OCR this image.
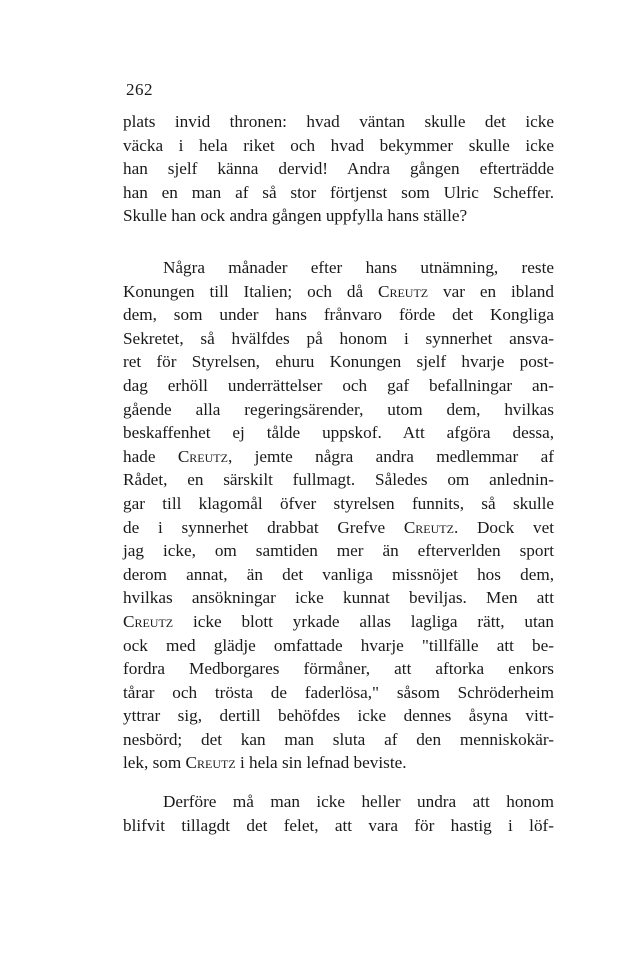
262
plats invid thronen: hvad väntan skulle det icke
väcka i hela riket och hvad bekymmer skulle icke
han sjelf känna dervid! Andra gången efterträdde
han en man af så stor förtjenst som Ulric Scheffer.
Skulle han ock andra gången uppfylla hans ställe?
Några månader efter hans utnämning, reste
Konungen till Italien; och då Creutz var en ibland
dem, som under hans frånvaro förde det Kongliga
Sekretet, så hvälfdes på honom i synnerhet ansva-
ret för Styrelsen, ehuru Konungen sjelf hvarje post-
dag erhöll underrättelser och gaf befallningar an-
gående alla regeringsärender, utom dem, hvilkas
beskaffenhet ej tålde uppskof. Att afgöra dessa,
hade Creutz, jemte några andra medlemmar af
Rådet, en särskilt fullmagt. Således om anlednin-
gar till klagomål öfver styrelsen funnits, så skulle
de i synnerhet drabbat Grefve Creutz. Dock vet
jag icke, om samtiden mer än efterverlden sport
derom annat, än det vanliga missnöjet hos dem,
hvilkas ansökningar icke kunnat beviljas. Men att
Creutz icke blott yrkade allas lagliga rätt, utan
ock med glädje omfattade hvarje "tillfälle att be-
fordra Medborgares förmåner, att aftorka enkors
tårar och trösta de faderlösa," såsom Schröderheim
yttrar sig, dertill behöfdes icke dennes åsyna vitt-
nesbörd; det kan man sluta af den menniskokär-
lek, som Creutz i hela sin lefnad beviste.
Derföre må man icke heller undra att honom
blifvit tillagdt det felet, att vara för hastig i löf-
